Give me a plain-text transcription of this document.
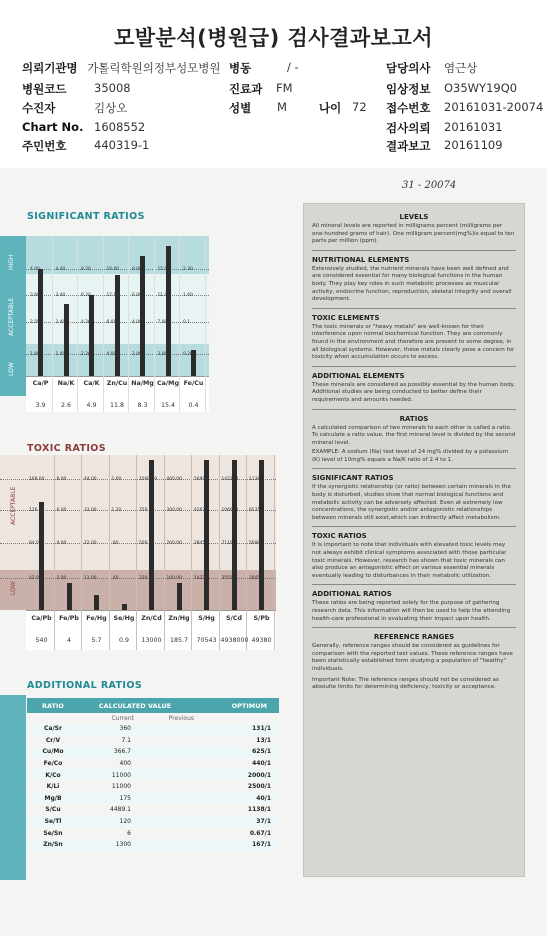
모발분석(병원급) 검사결과보고서
의뢰기관명 가톨릭학원의정부성모병원
병원코드 35008
수진자	김상오
Chart No. 1608552
주민번호 440319-1
병동	/ -
진료과 FM
성별 M	나이 72
담당의사 염근상
임상정보 O35WY19Q0
접수번호 20161031-20074
검사의뢰 20161031
결과보고 20161109
31 - 20074
SIGNIFICANT RATIOS
HIGH
ACCEPTABLE
LOW
4.00
3.60
2.50
1.60
Ca/P
3.9
4.40
3.40
2.40
1.40
Na/K
2.6
8.20
6.20
4.20
2.20
Ca/K
4.9
16.00
12.00
8.00
4.00
Zn/Cu
11.8
8.00
6.00
4.00
2.00
Na/Mg
8.3
15.00
11.00
7.00
3.00
Ca/Mg
15.4
2.30
1.60
0.1
0.20
Fe/Cu
0.4
TOXIC RATIOS
ACCEPTABLE
LOW
168.00
126.00
84.00
42.00
Ca/Pb
540
8.00
6.00
4.00
2.00
Fe/Pb
4
44.00
33.00
22.00
11.00
Fe/Hg
5.7
1.60
1.20
.80
.40
Se/Hg
0.9
1000.00
750.00
500.00
250.00
Zn/Cd
13000
400.00
300.00
200.00
100.00
Zn/Hg
185.7
56900
42675
28450
14225
S/Hg
70543
142200
106650
71100
35550
S/Cd
4938000
11380
8535
5690
2845
S/Pb
49380
ADDITIONAL RATIOS
RATIO	CALCULATED VALUE	OPTIMUM
Current	Previous
Ca/Sr	360	131/1
Cr/V	7.1	13/1
Cu/Mo	366.7	625/1
Fe/Co	400	440/1
K/Co	11000	2000/1
K/Li	11000	2500/1
Mg/B	175	40/1
S/Cu	4489.1	1138/1
Se/Tl	120	37/1
Se/Sn	6	0.67/1
Zn/Sn	1300	167/1
LEVELS
All mineral levels are reported in milligrams percent (milligrams per one-hundred grams of hair). One milligram percent(mg%)is equal to ten parts per million (ppm).
NUTRITIONAL ELEMENTS
Extensively studied, the nutrient minerals have been well defined and are considered essential for many biological functions in the human body. They play key roles in such metabolic processes as muscular activity, endocrine function, reproduction, skeletal integrity and overall development.
TOXIC ELEMENTS
The toxic minerals or "heavy metals" are well-known for their interference upon normal biochemical function. They are commonly found in the environment and therefore are present to some degree, in all biological systems. However, these metals clearly pose a concern for toxicity when accumulation occurs to excess.
ADDITIONAL ELEMENTS
These minerals are considered as possibly essential by the human body. Additional studies are being conducted to better define their requirements and amounts needed.
RATIOS
A calculated comparison of two minerals to each other is called a ratio. To calculate a ratio value, the first mineral level is divided by the second mineral level.
EXAMPLE: A sodium (Na) test level of 24 mg% divided by a potassium (K) level of 10mg% equals a Na/K ratio of 2.4 to 1.
SIGNIFICANT RATIOS
If the synergistic relationship (or ratio) between certain minerals in the body is disturbed, studies show that normal biological functions and metabolic activity can be adversely affected. Even at extremely low concentrations, the synergistic and/or antagonistic relationships between minerals still exist,which can indirectly affect metabolism.
TOXIC RATIOS
It is important to note that individuals with elevated toxic levels may not always exhibit clinical symptoms associated with those particular toxic minerals. However, research has shown that toxic minerals can also produce an antagonistic effect on various essential minerals eventually leading to disturbances in their metabolic utilization.
ADDITIONAL RATIOS
These ratios are being reported solely for the purpose of gathering research data. This information will then be used to help the attending health-care professional in evaluating their impact upon health.
REFERENCE RANGES
Generally, reference ranges should be considered as guidelines for comparison with the reported test values. These reference ranges have been statistically established form studying a population of "healthy" individuals.
Important Note: The reference ranges should not be considered as absoulte limits for determining deficiency, toxicity or acceptance.
